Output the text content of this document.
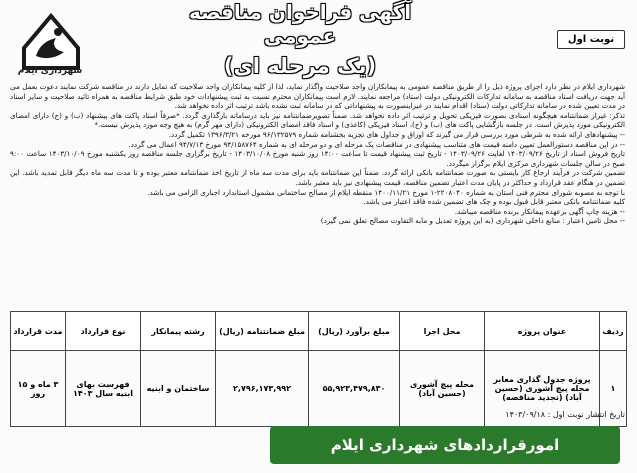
شهرداری ایلام
آگهی فراخوان مناقصه عمومی
(یک مرحله ای)
نوبت اول

شهرداری ایلام در نظر دارد اجرای پروژه ذیل را از طریق مناقصه عمومی به پیمانکاران واجد صلاحیت واگذار نماید، لذا از کلیه پیمانکاران واجد صلاحیت که تمایل دارند در مناقصه شرکت نمایند دعوت بعمل می آید جهت دریافت اسناد مناقصه به سامانه تدارکات الکترونیکی دولت (ستاد) مراجعه نمایند. لازم است پیمانکاران محترم نسبت به ثبت پیشنهادات خود طبق شرایط مناقصه به همراه تائید صلاحیت و سایر اسناد در مدت تعیین شده در سامانه تدارکاتی دولت (ستاد) اقدام نمایند در غیراینصورت به پیشنهاداتی که در سامانه ثبت نشده باشد ترتیب اثر داده نخواهد شد.

تذکر: غیراز ضمانتنامه هیچگونه اسنادی بصورت فیزیکی تحویل و ترتیب اثر داده نخواهد شد. ضمناً تصویرضمانتنامه نیز باید درسامانه بارگذاری گردد. *صرفاً اسناد پاکت های پیشنهاد (ب) و (ج) دارای امضای الکترونیکی مورد پذیرش است. در جلسه بازگشایی پاکت های (ب) و (ج)، اسناد فیزیکی (کاغذی) و اسناد فاقد امضای الکترونیکی (دارای مهر گرم) به هیچ وجه مورد پذیرش نیست.*

-- پیشنهادهای ارائه شده به شرطی مورد بررسی قرار می گیرند که اوراق و جداول های تجزیه بخشنامه شماره ۹۶/۱۳۲۵۷۹ مورخه ۱۳۹۶/۳/۲۱ تکمیل گردد.

-- در این مناقصه دستورالعمل تعیین دامنه قیمت های متناسب پیشنهادی در مناقصات یک مرحله ای و دو مرحله ای به شماره ۹۴/۱۵۸۷۶۴ مورخ ۹۴/۷/۱۳ اعمال می گردد.

تاریخ فروش اسناد از تاریخ ۱۴۰۳/۰۹/۲۶ لغایت ۱۴۰۳/۰۹/۲۶ - تاریخ ثبت پیشنهاد قیمت تا ساعت ۱۴:۰۰ روز شنبه مورخ ۱۴۰۳/۱۰/۰۸ - تاریخ برگزاری جلسه مناقصه روز یکشنبه مورخ ۱۴۰۳/۱۰/۰۹ ساعت ۹:۰۰ صبح در سالن جلسات شهرداری مرکزی ایلام برگزار میگردد.

تضمین شرکت در فرآیند ارجاع کار بایستی به صورت ضمانتنامه بانکی ارائه گردد. ضمناً این ضمانتنامه باید برای مدت سه ماه از تاریخ اخذ ضمانتنامه معتبر بوده و تا مدت سه ماه دیگر قابل تمدید باشد. این تضمین در هنگام عقد قرارداد و حداکثر در پایان مدت اعتبار تضمین مناقصه، قیمت پیشنهادی نیز باید معتبر باشد.

با توجه به مصوبه شورای محترم فنی استان به شماره ۲۲۰۸۰۴۰-۱ مورخ ۱۴۰۰/۱۱/۲۱ منقطه ایلام از مصالح ساختمانی مشمول استاندارد اجباری الزامی می باشد.

کلیه ضمانتنامه بانکی معتبر قابل قبول بوده و چک های تضمین شده فاقد اعتبار می باشد.

-- هزینه چاپ آگهی برعهده پیمانکار برنده مناقصه میباشد.

-- محل تامین اعتبار : منابع داخلی شهرداری (به این پروژه تعدیل و مابه التفاوت مصالح تعلق نمی گیرد)

ردیف	عنوان پروژه	محل اجرا	مبلغ برآورد (ریال)	مبلغ ضمانتنامه (ریال)	رشته پیمانکار	نوع قرارداد	مدت قرارداد
۱	پروژه جدول گذاری معابر محله پیچ آشوری (حسین آباد) (تجدید مناقصه)	محله پیچ آشوری (حسین آباد)	۵۵,۹۲۳,۴۷۹,۸۳۰	۲,۷۹۶,۱۷۳,۹۹۲	ساختمان و ابنیه	فهرست بهای ابنیه سال ۱۴۰۳	۳ ماه و ۱۵ روز
تاریخ انتشار نوبت اول : ۱۴۰۳/۰۹/۱۸
امورقراردادهای شهرداری ایلام
